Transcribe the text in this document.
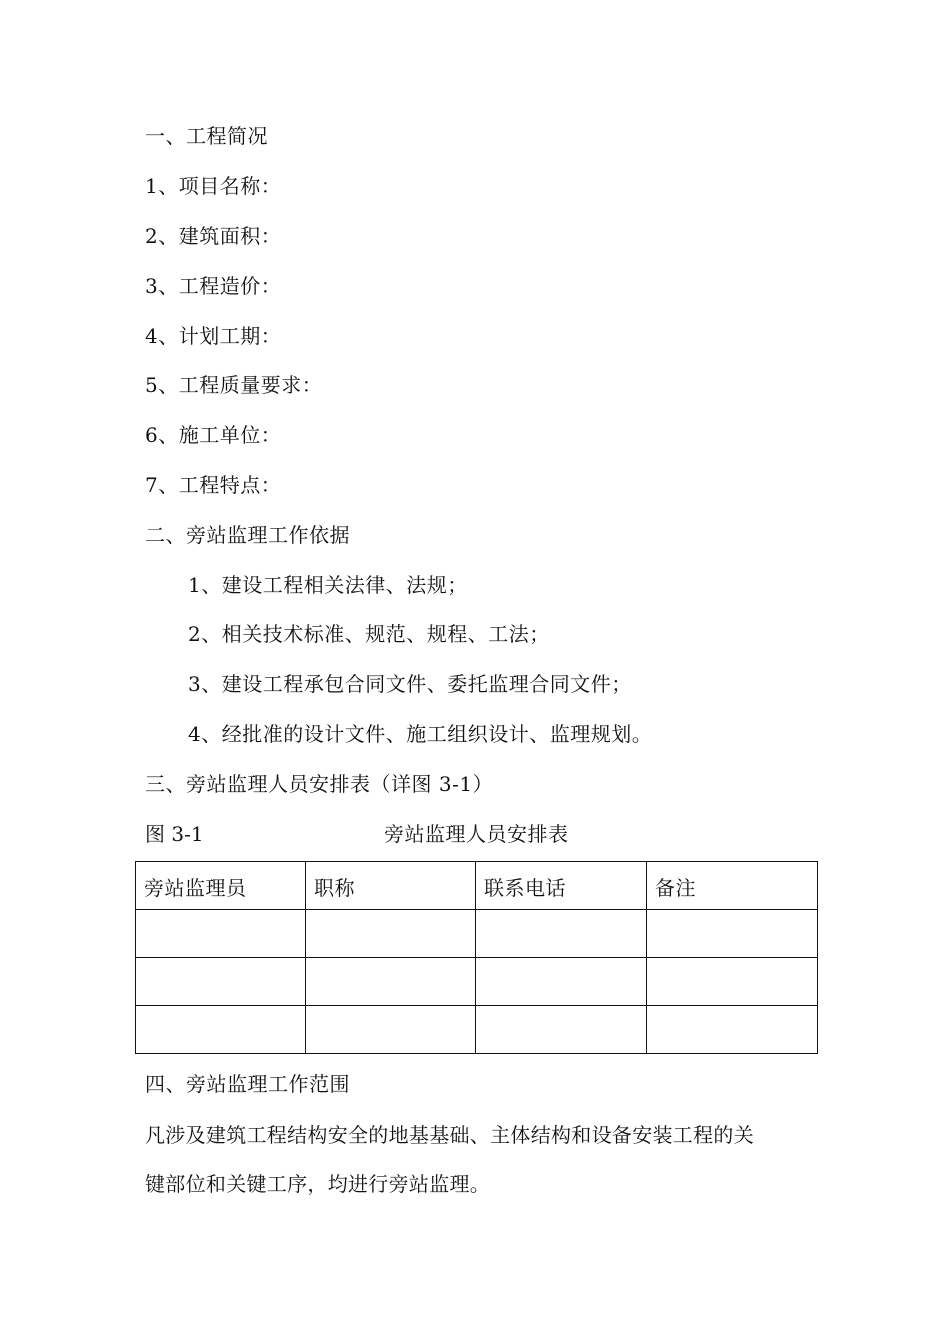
一、工程简况
1、项目名称：
2、建筑面积：
3、工程造价：
4、计划工期：
5、工程质量要求：
6、施工单位：
7、工程特点：
二、旁站监理工作依据
1、建设工程相关法律、法规；
2、相关技术标准、规范、规程、工法；
3、建设工程承包合同文件、委托监理合同文件；
4、经批准的设计文件、施工组织设计、监理规划。
三、旁站监理人员安排表（详图 3-1）
图 3-1	旁站监理人员安排表
旁站监理员	职称	联系电话	备注

四、旁站监理工作范围
凡涉及建筑工程结构安全的地基基础、主体结构和设备安装工程的关
键部位和关键工序，均进行旁站监理。
